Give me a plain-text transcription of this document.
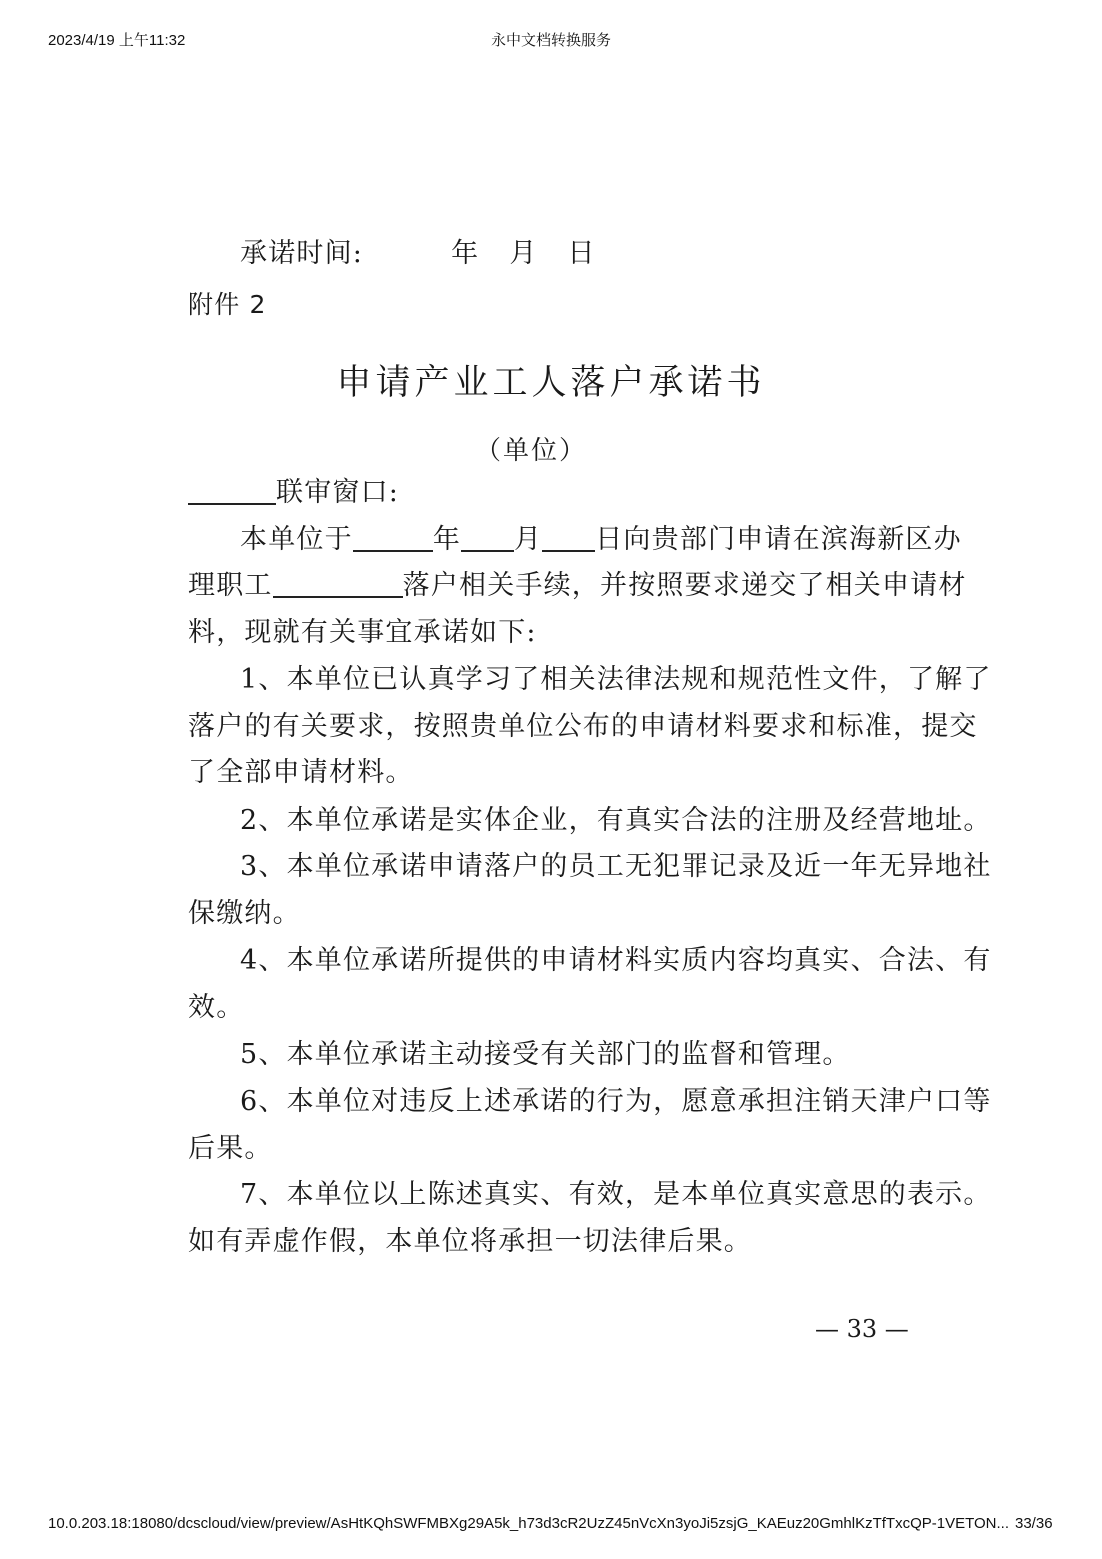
2023/4/19 上午11:32	永中文档转换服务
承诺时间:	年 月 日
附件 2
申请产业工人落户承诺书
（单位）
联审窗口:
本单位于	年 月 日向贵部门申请在滨海新区办
理职工	落户相关手续，并按照要求递交了相关申请材
料，现就有关事宜承诺如下:
1、本单位已认真学习了相关法律法规和规范性文件，了解了
落户的有关要求，按照贵单位公布的申请材料要求和标准，提交
了全部申请材料。
2、本单位承诺是实体企业，有真实合法的注册及经营地址。
3、本单位承诺申请落户的员工无犯罪记录及近一年无异地社
保缴纳。
4、本单位承诺所提供的申请材料实质内容均真实、合法、有
效。
5、本单位承诺主动接受有关部门的监督和管理。
6、本单位对违反上述承诺的行为，愿意承担注销天津户口等
后果。
7、本单位以上陈述真实、有效，是本单位真实意思的表示。
如有弄虚作假，本单位将承担一切法律后果。
— 33 —
10.0.203.18:18080/dcscloud/view/preview/AsHtKQhSWFMBXg29A5k_h73d3cR2UzZ45nVcXn3yoJi5zsjG_KAEuz20GmhlKzTfTxcQP-1VETON... 33/36
